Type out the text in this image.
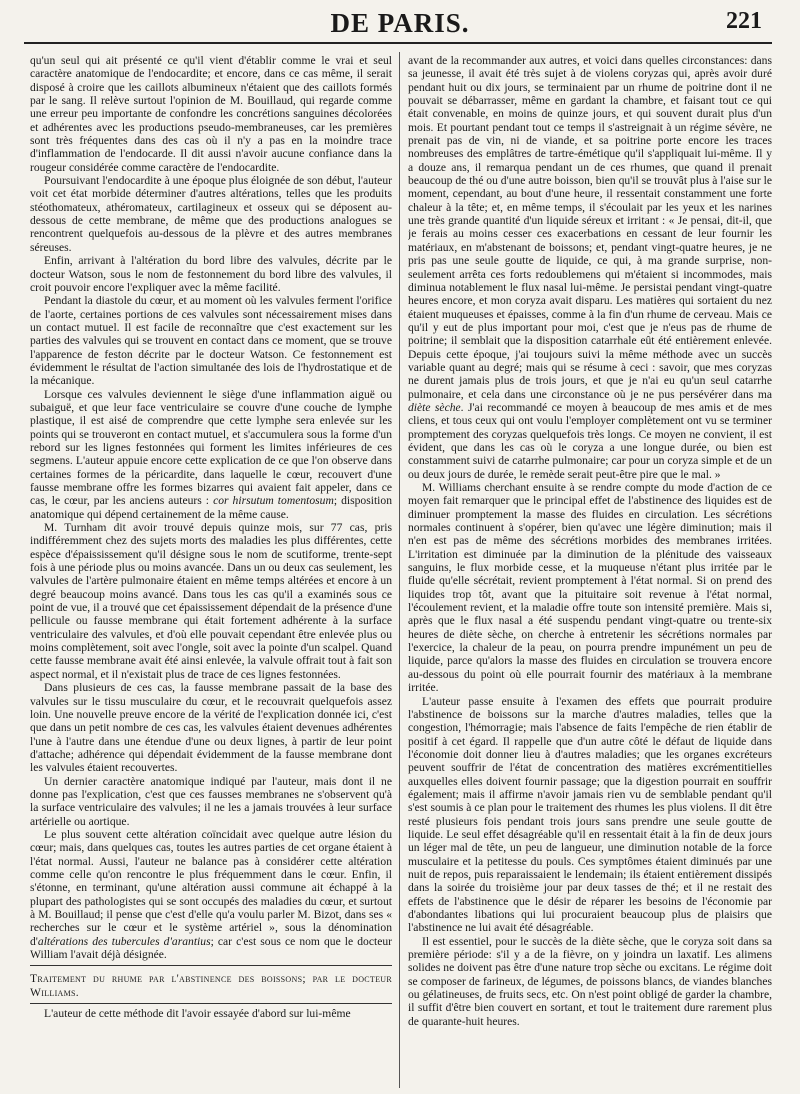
DE PARIS.	221

qu'un seul qui ait présenté ce qu'il vient d'établir comme le vrai et seul caractère anatomique de l'endocardite; et encore, dans ce cas même, il serait disposé à croire que les caillots albumineux n'étaient que des caillots formés par le sang. Il relève surtout l'opinion de M. Bouillaud, qui regarde comme une erreur peu importante de confondre les concrétions sanguines décolorées et adhérentes avec les productions pseudo-membraneuses, car les premières sont très fréquentes dans des cas où il n'y a pas en la moindre trace d'inflammation de l'endocarde. Il dit aussi n'avoir aucune confiance dans la rougeur considérée comme caractère de l'endocardite.

Poursuivant l'endocardite à une époque plus éloignée de son début, l'auteur voit cet état morbide déterminer d'autres altérations, telles que les produits stéothomateux, athéromateux, cartilagineux et osseux qui se déposent au-dessous de cette membrane, de même que des productions analogues se rencontrent quelquefois au-dessous de la plèvre et des autres membranes séreuses.

Enfin, arrivant à l'altération du bord libre des valvules, décrite par le docteur Watson, sous le nom de festonnement du bord libre des valvules, il croit pouvoir encore l'expliquer avec la même facilité.

Pendant la diastole du cœur, et au moment où les valvules ferment l'orifice de l'aorte, certaines portions de ces valvules sont nécessairement mises dans un contact mutuel. Il est facile de reconnaître que c'est exactement sur les parties des valvules qui se trouvent en contact dans ce moment, que se trouve l'apparence de feston décrite par le docteur Watson. Ce festonnement est évidemment le résultat de l'action simultanée des lois de l'hydrostatique et de la mécanique.

Lorsque ces valvules deviennent le siège d'une inflammation aiguë ou subaiguë, et que leur face ventriculaire se couvre d'une couche de lymphe plastique, il est aisé de comprendre que cette lymphe sera enlevée sur les points qui se trouveront en contact mutuel, et s'accumulera sous la forme d'un rebord sur les lignes festonnées qui forment les limites inférieures de ces segmens. L'auteur appuie encore cette explication de ce que l'on observe dans certaines formes de la péricardite, dans laquelle le cœur, recouvert d'une fausse membrane offre les formes bizarres qui avaient fait appeler, dans ce cas, le cœur, par les anciens auteurs : cor hirsutum tomentosum; disposition anatomique qui dépend certainement de la même cause.

M. Turnham dit avoir trouvé depuis quinze mois, sur 77 cas, pris indifféremment chez des sujets morts des maladies les plus différentes, cette espèce d'épaississement qu'il désigne sous le nom de scutiforme, trente-sept fois à une période plus ou moins avancée. Dans un ou deux cas seulement, les valvules de l'artère pulmonaire étaient en même temps altérées et encore à un degré beaucoup moins avancé. Dans tous les cas qu'il a examinés sous ce point de vue, il a trouvé que cet épaississement dépendait de la présence d'une pellicule ou fausse membrane qui était fortement adhérente à la surface ventriculaire des valvules, et d'où elle pouvait cependant être enlevée plus ou moins complètement, soit avec l'ongle, soit avec la pointe d'un scalpel. Quand cette fausse membrane avait été ainsi enlevée, la valvule offrait tout à fait son aspect normal, et il n'existait plus de trace de ces lignes festonnées.

Dans plusieurs de ces cas, la fausse membrane passait de la base des valvules sur le tissu musculaire du cœur, et le recouvrait quelquefois assez loin. Une nouvelle preuve encore de la vérité de l'explication donnée ici, c'est que dans un petit nombre de ces cas, les valvules étaient devenues adhérentes l'une à l'autre dans une étendue d'une ou deux lignes, à partir de leur point d'attache; adhérence qui dépendait évidemment de la fausse membrane dont les valvules étaient recouvertes.

Un dernier caractère anatomique indiqué par l'auteur, mais dont il ne donne pas l'explication, c'est que ces fausses membranes ne s'observent qu'à la surface ventriculaire des valvules; il ne les a jamais trouvées à leur surface artérielle ou aortique.

Le plus souvent cette altération coïncidait avec quelque autre lésion du cœur; mais, dans quelques cas, toutes les autres parties de cet organe étaient à l'état normal. Aussi, l'auteur ne balance pas à considérer cette altération comme celle qu'on rencontre le plus fréquemment dans le cœur. Enfin, il s'étonne, en terminant, qu'une altération aussi commune ait échappé à la plupart des pathologistes qui se sont occupés des maladies du cœur, et surtout à M. Bouillaud; il pense que c'est d'elle qu'a voulu parler M. Bizot, dans ses « recherches sur le cœur et le système artériel », sous la dénomination d'altérations des tubercules d'arantius; car c'est sous ce nom que le docteur William l'avait déjà désignée.

Traitement du rhume par l'abstinence des boissons; par le docteur Williams.

L'auteur de cette méthode dit l'avoir essayée d'abord sur lui-même

avant de la recommander aux autres, et voici dans quelles circonstances: dans sa jeunesse, il avait été très sujet à de violens coryzas qui, après avoir duré pendant huit ou dix jours, se terminaient par un rhume de poitrine dont il ne pouvait se débarrasser, même en gardant la chambre, et faisant tout ce qui était convenable, en moins de quinze jours, et qui souvent durait plus d'un mois. Et pourtant pendant tout ce temps il s'astreignait à un régime sévère, ne prenait pas de vin, ni de viande, et sa poitrine porte encore les traces nombreuses des emplâtres de tartre-émétique qu'il s'appliquait lui-même. Il y a douze ans, il remarqua pendant un de ces rhumes, que quand il prenait beaucoup de thé ou d'une autre boisson, bien qu'il se trouvât plus à l'aise sur le moment, cependant, au bout d'une heure, il ressentait constamment une forte chaleur à la tête; et, en même temps, il s'écoulait par les yeux et les narines une très grande quantité d'un liquide séreux et irritant : « Je pensai, dit-il, que je ferais au moins cesser ces exacerbations en cessant de leur fournir les matériaux, en m'abstenant de boissons; et, pendant vingt-quatre heures, je ne pris pas une seule goutte de liquide, ce qui, à ma grande surprise, non-seulement arrêta ces forts redoublemens qui m'étaient si incommodes, mais diminua notablement le flux nasal lui-même. Je persistai pendant vingt-quatre heures encore, et mon coryza avait disparu. Les matières qui sortaient du nez étaient muqueuses et épaisses, comme à la fin d'un rhume de cerveau. Mais ce qu'il y eut de plus important pour moi, c'est que je n'eus pas de rhume de poitrine; il semblait que la disposition catarrhale eût été entièrement enlevée. Depuis cette époque, j'ai toujours suivi la même méthode avec un succès variable quant au degré; mais qui se résume à ceci : savoir, que mes coryzas ne durent jamais plus de trois jours, et que je n'ai eu qu'un seul catarrhe pulmonaire, et cela dans une circonstance où je ne pus persévérer dans ma diète sèche. J'ai recommandé ce moyen à beaucoup de mes amis et de mes cliens, et tous ceux qui ont voulu l'employer complètement ont vu se terminer promptement des coryzas quelquefois très longs. Ce moyen ne convient, il est évident, que dans les cas où le coryza a une longue durée, ou bien est constamment suivi de catarrhe pulmonaire; car pour un coryza simple et de un ou deux jours de durée, le remède serait peut-être pire que le mal. »

M. Williams cherchant ensuite à se rendre compte du mode d'action de ce moyen fait remarquer que le principal effet de l'abstinence des liquides est de diminuer promptement la masse des fluides en circulation. Les sécrétions normales continuent à s'opérer, bien qu'avec une légère diminution; mais il n'en est pas de même des sécrétions morbides des membranes irritées. L'irritation est diminuée par la diminution de la plénitude des vaisseaux sanguins, le flux morbide cesse, et la muqueuse n'étant plus irritée par le fluide qu'elle sécrétait, revient promptement à l'état normal. Si on prend des liquides trop tôt, avant que la pituitaire soit revenue à l'état normal, l'écoulement revient, et la maladie offre toute son intensité première. Mais si, après que le flux nasal a été suspendu pendant vingt-quatre ou trente-six heures de diète sèche, on cherche à entretenir les sécrétions normales par l'exercice, la chaleur de la peau, on pourra prendre impunément un peu de liquide, parce qu'alors la masse des fluides en circulation se trouvera encore au-dessous du point où elle pourrait fournir des matériaux à la membrane irritée.

L'auteur passe ensuite à l'examen des effets que pourrait produire l'abstinence de boissons sur la marche d'autres maladies, telles que la congestion, l'hémorragie; mais l'absence de faits l'empêche de rien établir de positif à cet égard. Il rappelle que d'un autre côté le défaut de liquide dans l'économie doit donner lieu à d'autres maladies; que les organes excréteurs peuvent souffrir de l'état de concentration des matières excrémentitielles auxquelles elles doivent fournir passage; que la digestion pourrait en souffrir également; mais il affirme n'avoir jamais rien vu de semblable pendant qu'il s'est soumis à ce plan pour le traitement des rhumes les plus violens. Il dit être resté plusieurs fois pendant trois jours sans prendre une seule goutte de liquide. Le seul effet désagréable qu'il en ressentait était à la fin de deux jours un léger mal de tête, un peu de langueur, une diminution notable de la force musculaire et la petitesse du pouls. Ces symptômes étaient diminués par une nuit de repos, puis reparaissaient le lendemain; ils étaient entièrement dissipés dans la soirée du troisième jour par deux tasses de thé; et il ne restait des effets de l'abstinence que le désir de réparer les besoins de l'économie par d'abondantes libations qui lui procuraient beaucoup plus de plaisirs que l'abstinence ne lui avait été désagréable.

Il est essentiel, pour le succès de la diète sèche, que le coryza soit dans sa première période: s'il y a de la fièvre, on y joindra un laxatif. Les alimens solides ne doivent pas être d'une nature trop sèche ou excitans. Le régime doit se composer de farineux, de légumes, de poissons blancs, de viandes blanches ou gélatineuses, de fruits secs, etc. On n'est point obligé de garder la chambre, il suffit d'être bien couvert en sortant, et tout le traitement dure rarement plus de quarante-huit heures.
